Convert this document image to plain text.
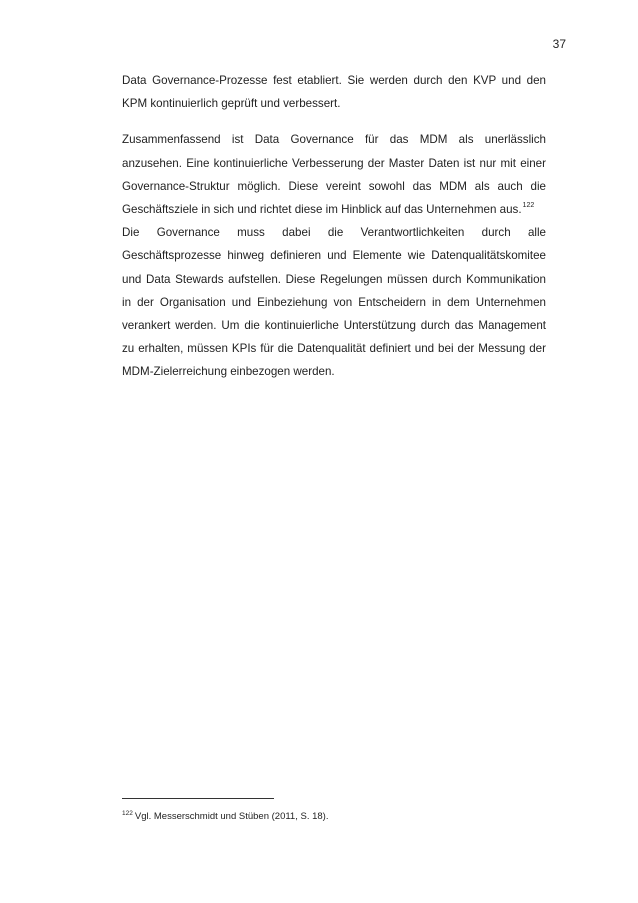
37
Data Governance-Prozesse fest etabliert. Sie werden durch den KVP und den
KPM kontinuierlich geprüft und verbessert.
Zusammenfassend ist Data Governance für das MDM als unerlässlich
anzusehen. Eine kontinuierliche Verbesserung der Master Daten ist nur mit einer
Governance-Struktur möglich. Diese vereint sowohl das MDM als auch die
Geschäftsziele in sich und richtet diese im Hinblick auf das Unternehmen aus.$^{122}$
Die Governance muss dabei die Verantwortlichkeiten durch alle
Geschäftsprozesse hinweg definieren und Elemente wie Datenqualitätskomitee
und Data Stewards aufstellen. Diese Regelungen müssen durch Kommunikation
in der Organisation und Einbeziehung von Entscheidern in dem Unternehmen
verankert werden. Um die kontinuierliche Unterstützung durch das Management
zu erhalten, müssen KPIs für die Datenqualität definiert und bei der Messung der
MDM-Zielerreichung einbezogen werden.
$^{122}$ Vgl. Messerschmidt und Stüben (2011, S. 18).
